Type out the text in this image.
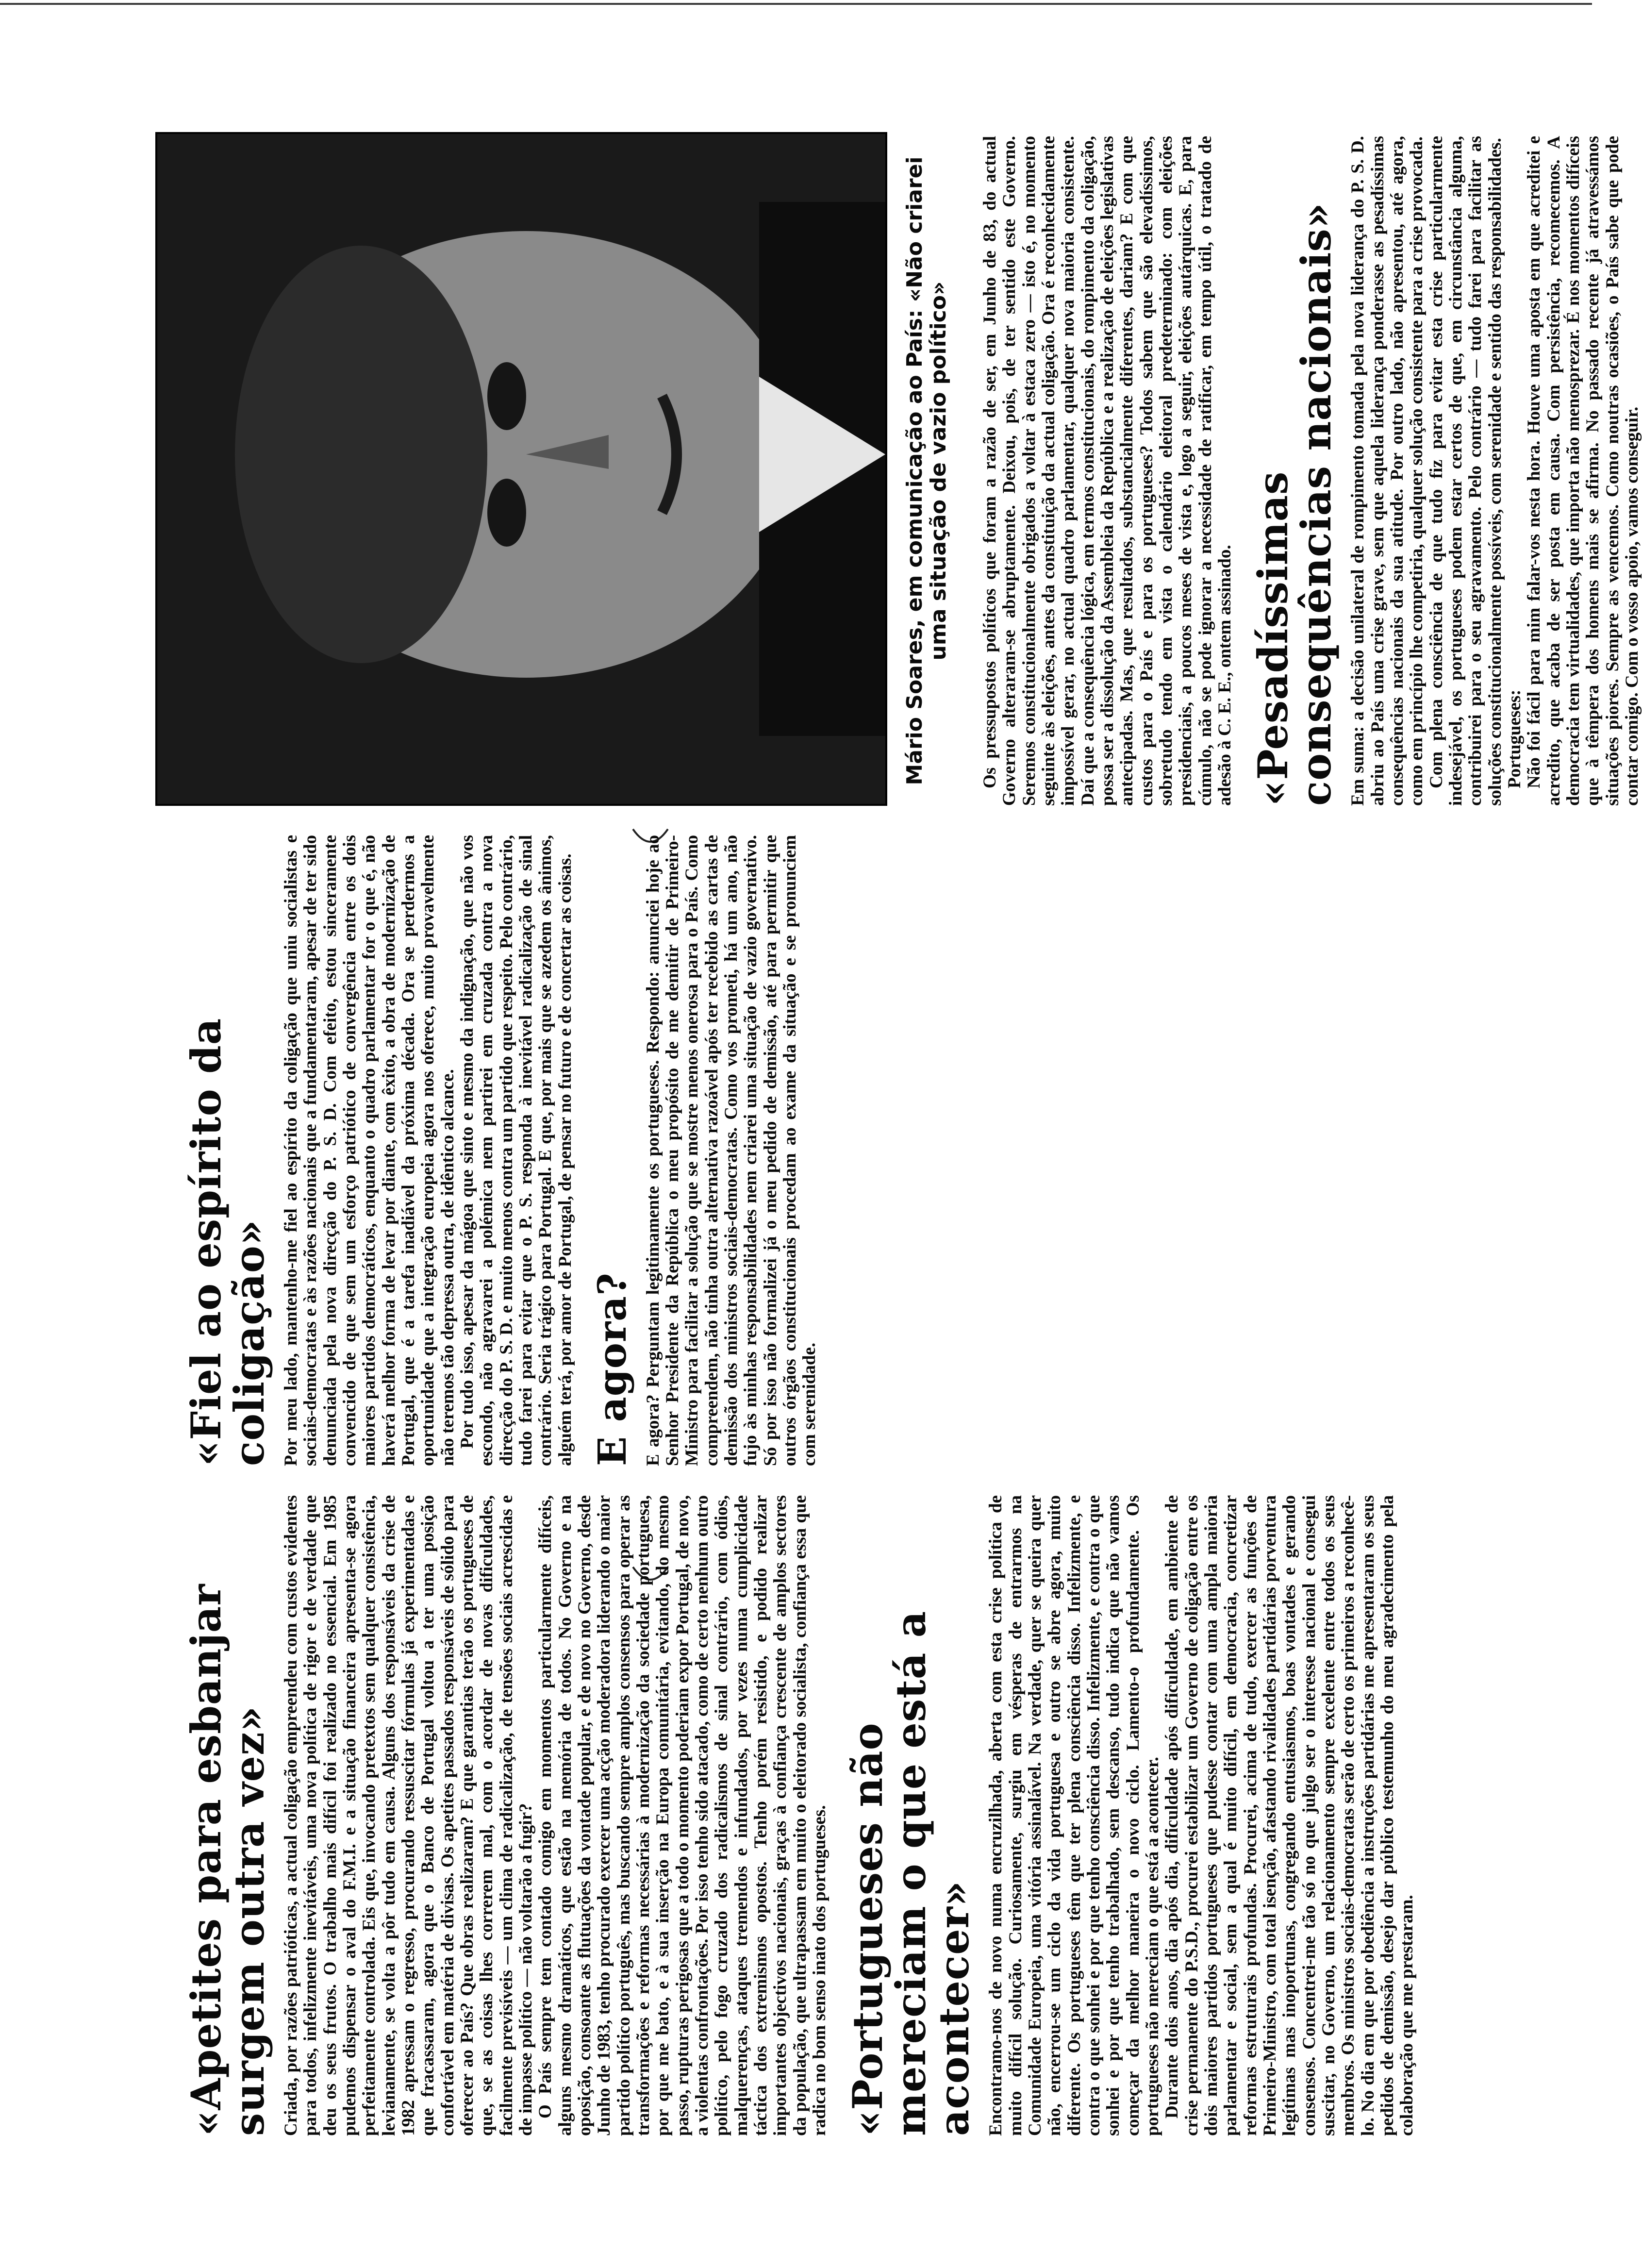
«Apetites para esbanjar surgem outra vez» Criada, por razões patrióticas, a actual coligação empreendeu com custos evidentes para todos, infelizmente inevitáveis, uma nova política de rigor e de verdade que deu os seus frutos. O trabalho mais difícil foi realizado no essencial. Em 1985 pudemos dispensar o aval do F.M.I. e a situação financeira apresenta-se agora perfeitamente controlada. Eis que, invocando pretextos sem qualquer consistência, levianamente, se volta a pôr tudo em causa. Alguns dos responsáveis da crise de 1982 apressam o regresso, procurando ressuscitar fórmulas já experimentadas e que fracassaram, agora que o Banco de Portugal voltou a ter uma posição confortável em matéria de divisas. Os apetites passados responsáveis de sólido para oferecer ao País? Que obras realizaram? E que garantias terão os portugueses de que, se as coisas lhes correrem mal, com o acordar de novas dificuldades, facilmente previsíveis — um clima de radicalização, de tensões sociais acrescidas e de impasse político — não voltarão a fugir? O País sempre tem contado comigo em momentos particularmente difíceis, alguns mesmo dramáticos, que estão na memória de todos. No Governo e na oposição, consoante as flutuações da vontade popular, e de novo no Governo, desde Junho de 1983, tenho procurado exercer uma acção moderadora liderando o maior partido político português, mas buscando sempre amplos consensos para operar as transformações e reformas necessárias à modernização da sociedade portuguesa, por que me bato, e à sua inserção na Europa comunitária, evitando, do mesmo passo, rupturas perigosas que a todo o momento poderiam expor Portugal, de novo, a violentas confrontações. Por isso tenho sido atacado, como de certo nenhum outro político, pelo fogo cruzado dos radicalismos de sinal contrário, com ódios, malquerenças, ataques tremendos e infundados, por vezes numa cumplicidade táctica dos extremismos opostos. Tenho porém resistido, e podido realizar importantes objectivos nacionais, graças à confiança crescente de amplos sectores da população, que ultrapassam em muito o eleitorado socialista, confiança essa que radica no bom senso inato dos portugueses. «Portugueses não mereciam o que está a acontecer» Encontramo-nos de novo numa encruzilhada, aberta com esta crise política de muito difícil solução. Curiosamente, surgiu em vésperas de entrarmos na Comunidade Europeia, uma vitória assinalável. Na verdade, quer se queira quer não, encerrou-se um ciclo da vida portuguesa e outro se abre agora, muito diferente. Os portugueses têm que ter plena consciência disso. Infelizmente, e contra o que sonhei e por que tenho consciência disso. Infelizmente, e contra o que sonhei e por que tenho trabalhado, sem descanso, tudo indica que não vamos começar da melhor maneira o novo ciclo. Lamento-o profundamente. Os portugueses não mereciam o que está a acontecer. Durante dois anos, dia após dia, dificuldade após dificuldade, em ambiente de crise permanente do P.S.D., procurei estabilizar um Governo de coligação entre os dois maiores partidos portugueses que pudesse contar com uma ampla maioria parlamentar e social, sem a qual é muito difícil, em democracia, concretizar reformas estruturais profundas. Procurei, acima de tudo, exercer as funções de Primeiro-Ministro, com total isenção, afastando rivalidades partidárias porventura legítimas mas inoportunas, congregando entusiasmos, boas vontades e gerando consensos. Concentrei-me tão só no que julgo ser o interesse nacional e consegui suscitar, no Governo, um relacionamento sempre excelente entre todos os seus membros. Os ministros sociais-democratas serão de certo os primeiros a reconhecê-lo. No dia em que por obediência a instruções partidárias me apresentaram os seus pedidos de demissão, desejo dar público testemunho do meu agradecimento pela colaboração que me prestaram.

«Fiel ao espírito da coligação» Por meu lado, mantenho-me fiel ao espírito da coligação que uniu socialistas e sociais-democratas e às razões nacionais que a fundamentaram, apesar de ter sido denunciada pela nova direcção do P. S. D. Com efeito, estou sinceramente convencido de que sem um esforço patriótico de convergência entre os dois maiores partidos democráticos, enquanto o quadro parlamentar for o que é, não haverá melhor forma de levar por diante, com êxito, a obra de modernização de Portugal, que é a tarefa inadiável da próxima década. Ora se perdermos a oportunidade que a integração europeia agora nos oferece, muito provavelmente não teremos tão depressa outra, de idêntico alcance. Por tudo isso, apesar da mágoa que sinto e mesmo da indignação, que não vos escondo, não agravarei a polémica nem partirei em cruzada contra a nova direcção do P. S. D. e muito menos contra um partido que respeito. Pelo contrário, tudo farei para evitar que o P. S. responda à inevitável radicalização de sinal contrário. Seria trágico para Portugal. E que, por mais que se azedem os ânimos, alguém terá, por amor de Portugal, de pensar no futuro e de concertar as coisas. E agora? E agora? Perguntam legitimamente os portugueses. Respondo: anunciei hoje ao Senhor Presidente da República o meu propósito de me demitir de Primeiro-Ministro para facilitar a solução que se mostre menos onerosa para o País. Como compreendem, não tinha outra alternativa razoável após ter recebido as cartas de demissão dos ministros sociais-democratas. Como vos prometi, há um ano, não fujo às minhas responsabilidades nem criarei uma situação de vazio governativo. Só por isso não formalizei já o meu pedido de demissão, até para permitir que outros órgãos constitucionais procedam ao exame da situação e se pronunciem com serenidade.

Mário Soares, em comunicação ao País: «Não criarei uma situação de vazio político» Os pressupostos políticos que foram a razão de ser, em Junho de 83, do actual Governo alteraram-se abruptamente. Deixou, pois, de ter sentido este Governo. Seremos constitucionalmente obrigados a voltar à estaca zero — isto é, no momento seguinte às eleições, antes da constituição da actual coligação. Ora é reconhecidamente impossível gerar, no actual quadro parlamentar, qualquer nova maioria consistente. Daí que a consequência lógica, em termos constitucionais, do rompimento da coligação, possa ser a dissolução da Assembleia da República e a realização de eleições legislativas antecipadas. Mas, que resultados, substancialmente diferentes, dariam? E com que custos para o País e para os portugueses? Todos sabem que são elevadíssimos, sobretudo tendo em vista o calendário eleitoral predeterminado: com eleições presidenciais, a poucos meses de vista e, logo a seguir, eleições autárquicas. E, para cúmulo, não se pode ignorar a necessidade de ratificar, em tempo útil, o tratado de adesão à C. E. E., ontem assinado. «Pesadíssimas consequências nacionais» Em suma: a decisão unilateral de rompimento tomada pela nova liderança do P. S. D. abriu ao País uma crise grave, sem que aquela liderança ponderasse as pesadíssimas consequências nacionais da sua atitude. Por outro lado, não apresentou, até agora, como em princípio lhe competiria, qualquer solução consistente para a crise provocada. Com plena consciência de que tudo fiz para evitar esta crise particularmente indesejável, os portugueses podem estar certos de que, em circunstância alguma, contribuirei para o seu agravamento. Pelo contrário — tudo farei para facilitar as soluções constitucionalmente possíveis, com serenidade e sentido das responsabilidades. Portugueses: Não foi fácil para mim falar-vos nesta hora. Houve uma aposta em que acreditei e acredito, que acaba de ser posta em causa. Com persistência, recomecemos. A democracia tem virtualidades, que importa não menosprezar. É nos momentos difíceis que à têmpera dos homens mais se afirma. No passado recente já atravessámos situações piores. Sempre as vencemos. Como noutras ocasiões, o País sabe que pode contar comigo. Com o vosso apoio, vamos conseguir.
